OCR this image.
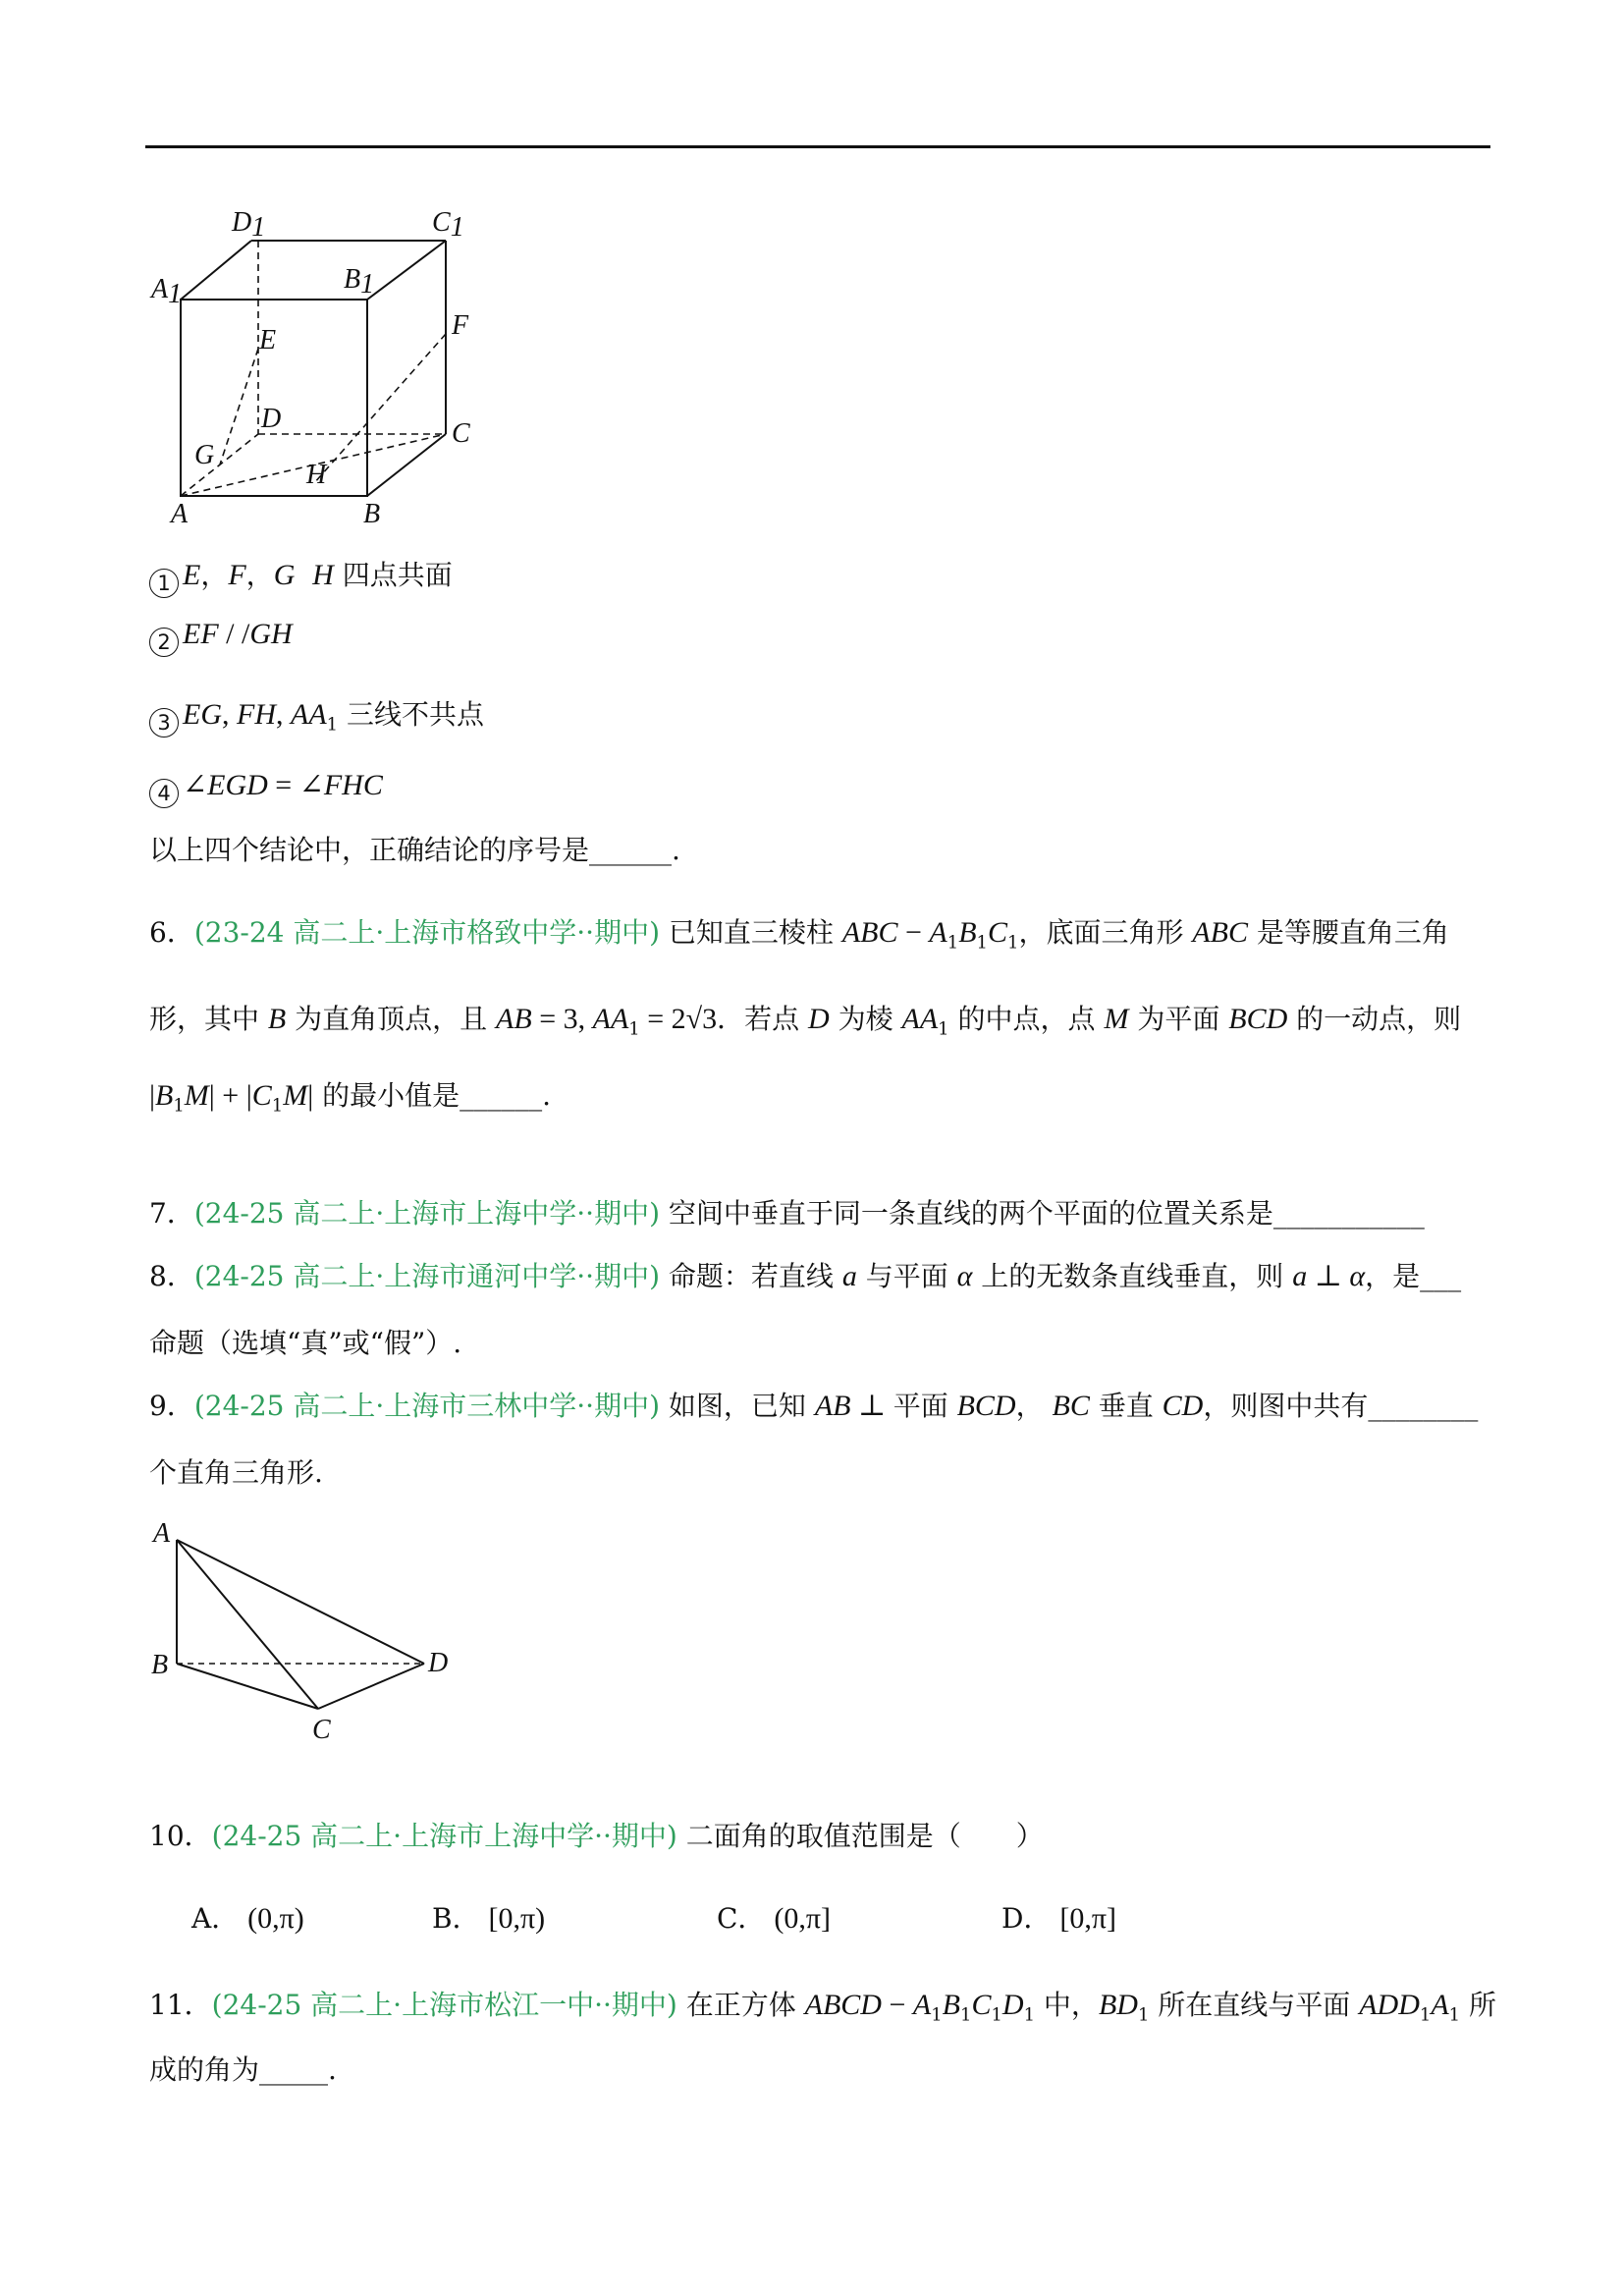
D1	C1
A1	B1
E	F
D	C
G
H
A	B
1 E，F，G H 四点共面
2 EF / /GH
3 EG, FH, $AA_1$ 三线不共点
4 ∠EGD = ∠FHC
以上四个结论中，正确结论的序号是______.
6．(23-24 高二上·上海市格致中学··期中) 已知直三棱柱 ABC − $A_1B_1C_1$，底面三角形 ABC 是等腰直角三角
形，其中 B 为直角顶点，且 AB = 3, $AA_1 = 2√3$．若点 D 为棱 $AA_1$ 的中点，点 M 为平面 BCD 的一动点，则
$|B_1M| + |C_1M|$ 的最小值是______.
7．(24-25 高二上·上海市上海中学··期中) 空间中垂直于同一条直线的两个平面的位置关系是___________
8．(24-25 高二上·上海市通河中学··期中) 命题：若直线 a 与平面 α 上的无数条直线垂直，则 a ⊥ α，是___
命题（选填“真”或“假”）.
9．(24-25 高二上·上海市三林中学··期中) 如图，已知 AB ⊥ 平面 BCD， BC 垂直 CD，则图中共有________
个直角三角形.
A
B
C
D
10．(24-25 高二上·上海市上海中学··期中) 二面角的取值范围是（　　）
A． (0,π)	B． [0,π)	C． (0,π]	D． [0,π]
11．(24-25 高二上·上海市松江一中··期中) 在正方体 ABCD − $A_1B_1C_1D_1$ 中，$BD_1$ 所在直线与平面 $ADD_1A_1$ 所
成的角为_____.
